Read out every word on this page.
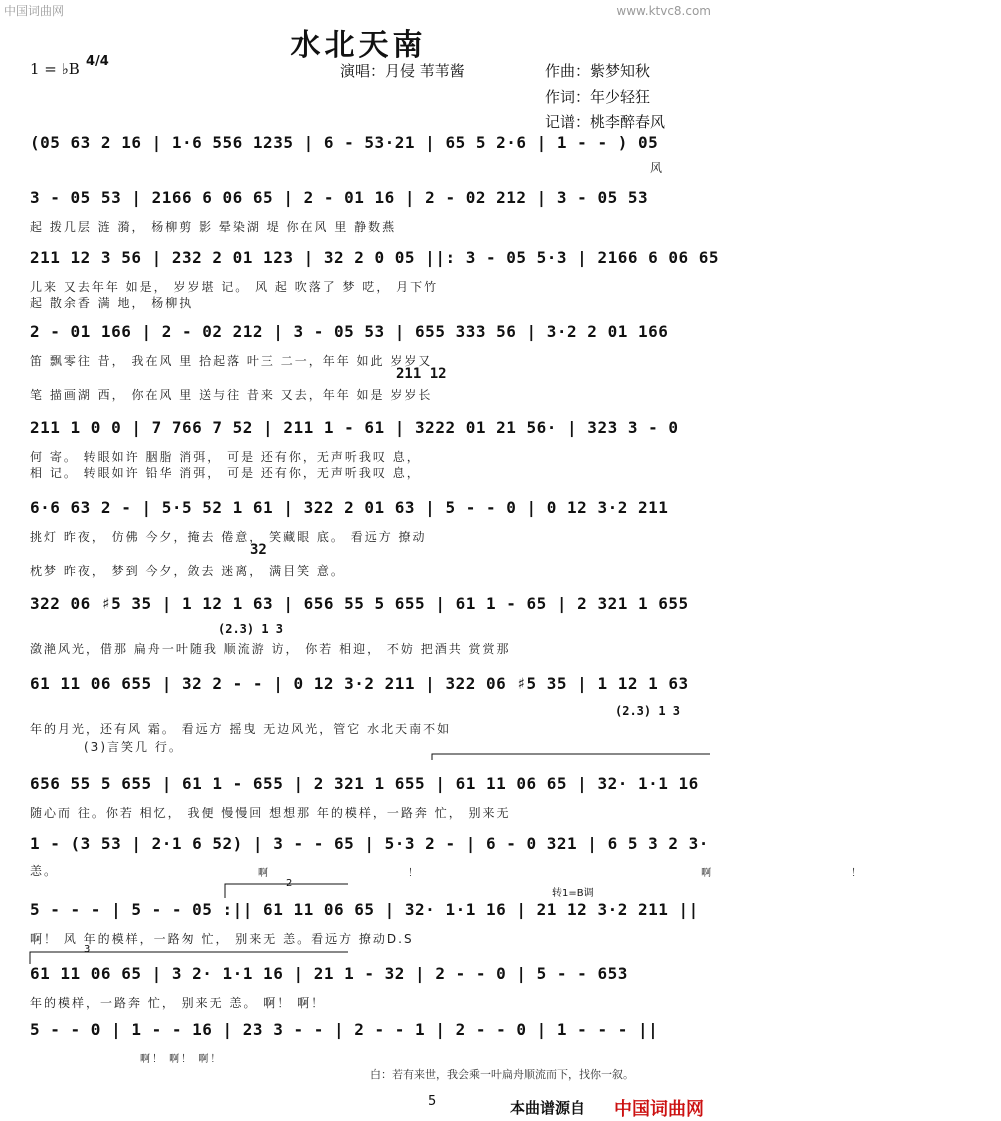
中国词曲网	www.ktvc8.com
水北天南
1 = ♭B 4/4
演唱：月侵 苇苇酱	作曲：紫梦知秋
作词：年少轻狂
记谱：桃李醉春风
(05 63 2 16 | 1·6 556 1235 | 6 - 53·21 | 65 5 2·6 | 1 - - ) 05
风
3 - 05 53 | 2166 6 06 65 | 2 - 01 16 | 2 - 02 212 | 3 - 05 53
起 拨几层 涟 漪， 杨柳剪 影 晕染湖 堤 你在风 里 静数燕
211 12 3 56 | 232 2 01 123 | 32 2 0 05 ||: 3 - 05 5·3 | 2166 6 06 65
儿来 又去年年 如是， 岁岁堪 记。 风 起 吹落了 梦 呓， 月下竹
起 散余香 满 地， 杨柳执
2 - 01 166 | 2 - 02 212 | 3 - 05 53 | 655 333 56 | 3·2 2 01 166
笛 飘零往 昔， 我在风 里 拾起落 叶三 二一，年年 如此 岁岁又
211 12
笔 描画湖 西， 你在风 里 送与往 昔来 又去，年年 如是 岁岁长
211 1 0 0 | 7 766 7 52 | 211 1 - 61 | 3222 01 21 56· | 323 3 - 0
何 寄。 转眼如许 胭脂 消弭， 可是 还有你，无声听我叹 息，
相 记。 转眼如许 铅华 消弭， 可是 还有你，无声听我叹 息，
6·6 63 2 - | 5·5 52 1 61 | 322 2 01 63 | 5 - - 0 | 0 12 3·2 211
挑灯 昨夜， 仿佛 今夕，掩去 倦意， 笑藏眼 底。 看远方 撩动
32
枕梦 昨夜， 梦到 今夕，敛去 迷离， 满目笑 意。
322 06 ♯5 35 | 1 12 1 63 | 656 55 5 655 | 61 1 - 65 | 2 321 1 655
(2.3) 1 3
潋滟风光，借那 扁舟一叶随我 顺流游 访， 你若 相迎， 不妨 把酒共 赏赏那
61 11 06 655 | 32 2 - - | 0 12 3·2 211 | 322 06 ♯5 35 | 1 12 1 63
(2.3) 1 3
年的月光，还有风 霜。 看远方 摇曳 无边风光，管它 水北天南不如
(3)言笑几 行。
656 55 5 655 | 61 1 - 655 | 2 321 1 655 | 61 11 06 65 | 32· 1·1 16
随心而 往。你若 相忆， 我便 慢慢回 想想那 年的模样，一路奔 忙， 别来无
1 - (3 53 | 2·1 6 52) | 3 - - 65 | 5·3 2 - | 6 - 0 321 | 6 5 3 2 3·
恙。	啊！ 啊！
2
3
转1=B调
5 - - - | 5 - - 05 :|| 61 11 06 65 | 32· 1·1 16 | 21 12 3·2 211 ||
啊！ 风 年的模样，一路匆 忙， 别来无 恙。看远方 撩动D.S
61 11 06 65 | 3 2· 1·1 16 | 21 1 - 32 | 2 - - 0 | 5 - - 653
年的模样，一路奔 忙， 别来无 恙。 啊！ 啊！
5 - - 0 | 1 - - 16 | 23 3 - - | 2 - - 1 | 2 - - 0 | 1 - - - ||
啊！ 啊！ 啊！
白：若有来世，我会乘一叶扁舟顺流而下，找你一叙。
5	本曲谱源自 中国词曲网
